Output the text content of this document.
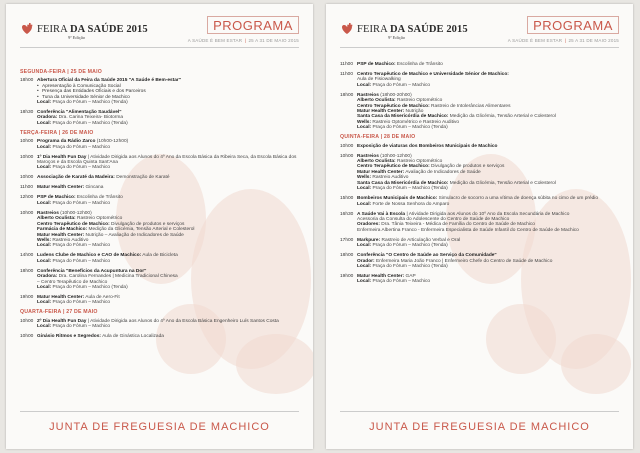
FEIRA DA SAÚDE 2015
9ª Edição
PROGRAMA
A SAÚDE É BEM ESTAR | 25 A 31 DE MAIO 2015
SEGUNDA-FEIRA | 25 DE MAIO
18h00 Abertura Oficial da Feira da Saúde 2015 "A Saúde é Bem-estar"
• Apresentação à Comunicação Social
• Presença das Entidades Oficiais e dos Parceiros
• Tuna da Universidade Sénior de Machico
Local: Praça do Fórum – Machico (Tenda)
18h30 Conferência "Alimentação Saudável"
Oradora: Dra. Carina Teixeira- Biotorma
Local: Praça do Fórum – Machico (Tenda)
TERÇA-FEIRA | 26 DE MAIO
10h00 Programa da Rádio Zarco (10h00-12h00)
Local: Praça do Fórum – Machico
10h00 1º Dia Health Fun Day | Atividade Dirigida aos Alunos do 4º Ano da Escola Básica da Ribeira Seca, da Escola Básica dos Maroços e da Escola Quinta Sant'Ana
Local: Praça do Fórum – Machico
10h00 Associação de Karaté da Madeira: Demonstração de Karaté
11h00 Matur Health Center: Gincana
12h00 PSP de Machico: Escolinha de Trânsito
Local: Praça do Fórum – Machico
10h00 Rastreios (10h00-12h00)
Alberto Oculista: Rastreio Optométrico
Centro Terapêutico de Machico: Divulgação de produtos e serviços
Farmácia de Machico: Medição da Glicémia, Tensão Arterial e Colesterol
Matur Health Center: Nutrição – Avaliação de Indicadores de Saúde
Wells: Rastreio Auditivo
Local: Praça do Fórum – Machico
14h00 Ludens Clube de Machico e CAO de Machico: Aula de Bicicleta
Local: Praça do Fórum – Machico
18h00 Conferência "Benefícios da Acupuntura na Dor"
Oradora: Dra. Carolina Fernandes | Medicina Tradicional Chinesa
– Centro Terapêutico de Machico
Local: Praça do Fórum – Machico (Tenda)
19h00 Matur Health Center: Aula de Aero-Fit
Local: Praça do Fórum – Machico
QUARTA-FEIRA | 27 DE MAIO
10h00 2º Dia Health Fun Day | Atividade Dirigida aos Alunos do 4º Ano da Escola Básica Engenheiro Luís Santos Costa
Local: Praça do Fórum – Machico
10h00 Ginásio Ritmos e Segredos: Aula de Ginástica Localizada
JUNTA DE FREGUESIA DE MACHICO
FEIRA DA SAÚDE 2015
9ª Edição
PROGRAMA
A SAÚDE É BEM ESTAR | 25 A 31 DE MAIO 2015
11h00 PSP de Machico: Escolinha de Trânsito
11h00 Centro Terapêutico de Machico e Universidade Sénior de Machico:
Aula de Fisiowalking
Local: Praça do Fórum – Machico
18h00 Rastreios (18h00-20h00)
Alberto Oculista: Rastreio Optométrico
Centro Terapêutico de Machico: Rastreio de Intolerâncias Alimentares
Matur Health Center: Nutrição
Santa Casa da Misericórdia de Machico: Medição da Glicémia, Tensão Arterial e Colesterol
Wells: Rastreio Optométrico e Rastreio Auditivo
Local: Praça do Fórum – Machico (Tenda)
QUINTA-FEIRA | 28 DE MAIO
10h00 Exposição de viaturas dos Bombeiros Municipais de Machico
10h00 Rastreios (10h00-12h00)
Alberto Oculista: Rastreio Optométrico
Centro Terapêutico de Machico: Divulgação de produtos e serviços
Matur Health Center: Avaliação de Indicadores de Saúde
Wells: Rastreio Auditivo
Santa Casa da Misericórdia de Machico: Medição da Glicémia, Tensão Arterial e Colesterol
Local: Praça do Fórum – Machico (Tenda)
15h00 Bombeiros Municipais de Machico: Simulacro de socorro a uma vítima de doença súbita no cimo de um prédio
Local: Forte de Nossa Senhora do Amparo
16h30 A Saúde Vai à Escola | Atividade Dirigida aos Alunos do 10º Ano da Escola Secundária de Machico
Acessoria da Consulta do Adolescente do Centro de Saúde de Machico
Oradores: Dra. Tânia Teixeira - Médica de Família do Centro de Saúde de Machico
Enfermeira Albertina Franco - Enfermeira Especialista de Saúde Infantil do Centro de Saúde de Machico
17h00 Markpure: Rastreio de Articulação Verbal e Oral
Local: Praça do Fórum – Machico (Tenda)
18h00 Conferência "O Centro de Saúde ao Serviço da Comunidade"
Orador: Enfermeira Maria João Franco | Enfermeiro Chefe do Centro de Saúde de Machico
Local: Praça do Fórum – Machico (Tenda)
19h00 Matur Health Center: GAP
Local: Praça do Fórum – Machico
JUNTA DE FREGUESIA DE MACHICO
